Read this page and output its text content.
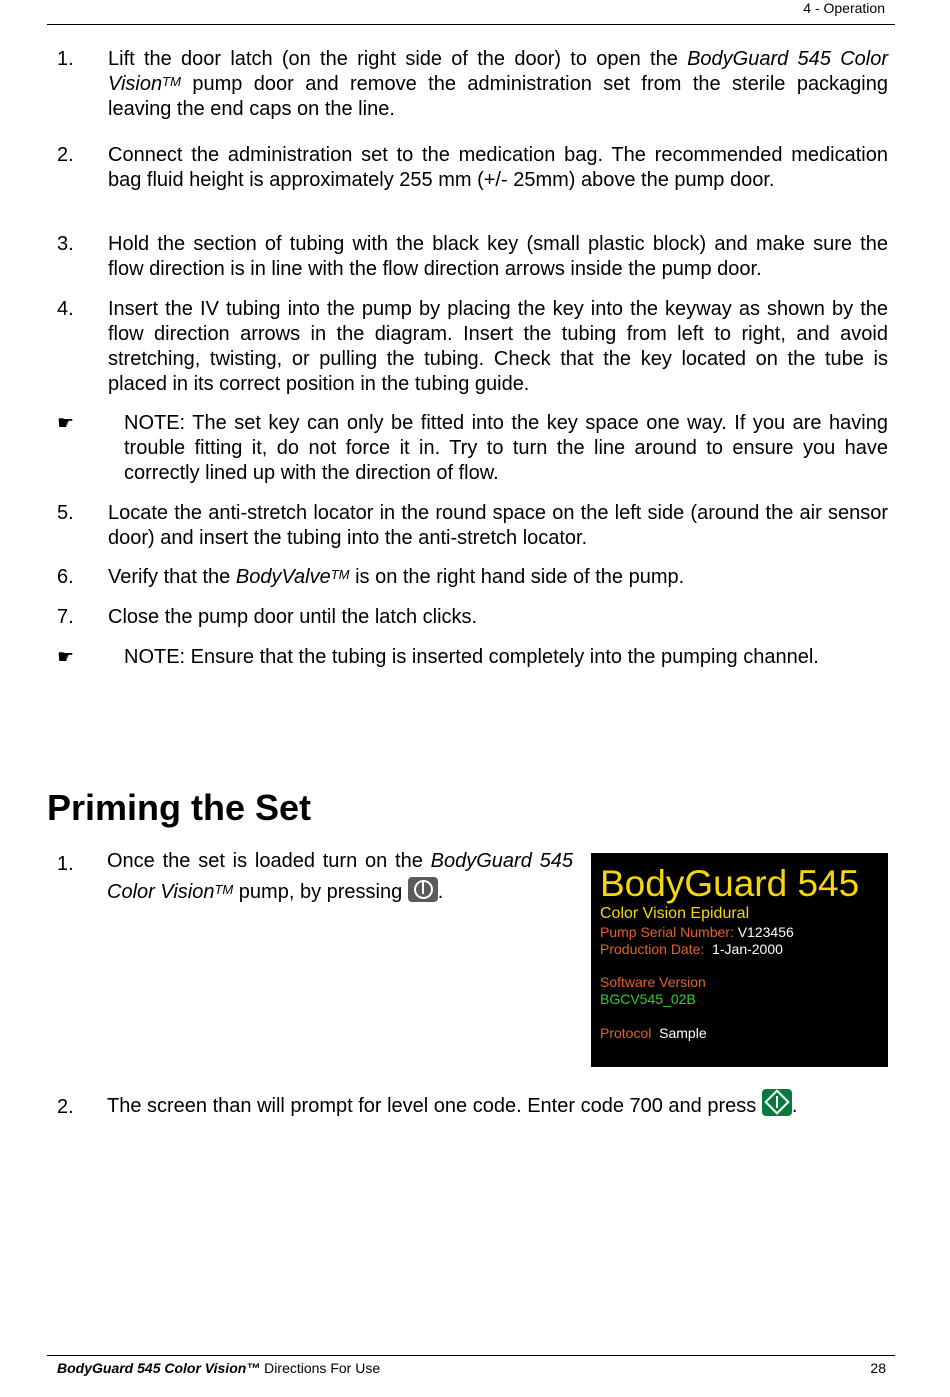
4 - Operation
1. Lift the door latch (on the right side of the door) to open the BodyGuard 545 Color Vision™ pump door and remove the administration set from the sterile packaging leaving the end caps on the line.
2. Connect the administration set to the medication bag. The recommended medication bag fluid height is approximately 255 mm (+/- 25mm) above the pump door.
3. Hold the section of tubing with the black key (small plastic block) and make sure the flow direction is in line with the flow direction arrows inside the pump door.
4. Insert the IV tubing into the pump by placing the key into the keyway as shown by the flow direction arrows in the diagram. Insert the tubing from left to right, and avoid stretching, twisting, or pulling the tubing. Check that the key located on the tube is placed in its correct position in the tubing guide.
☛ NOTE: The set key can only be fitted into the key space one way. If you are having trouble fitting it, do not force it in. Try to turn the line around to ensure you have correctly lined up with the direction of flow.
5. Locate the anti-stretch locator in the round space on the left side (around the air sensor door) and insert the tubing into the anti-stretch locator.
6. Verify that the BodyValve™ is on the right hand side of the pump.
7. Close the pump door until the latch clicks.
☛ NOTE: Ensure that the tubing is inserted completely into the pumping channel.
Priming the Set
1. Once the set is loaded turn on the BodyGuard 545 Color Vision™ pump, by pressing
.	BodyGuard 545
Color Vision Epidural
Pump Serial Number: V123456
Production Date: 1-Jan-2000
Software Version
BGCV545_02B
Protocol Sample
2. The screen than will prompt for level one code. Enter code 700 and press
.
BodyGuard 545 Color Vision™ Directions For Use	28
